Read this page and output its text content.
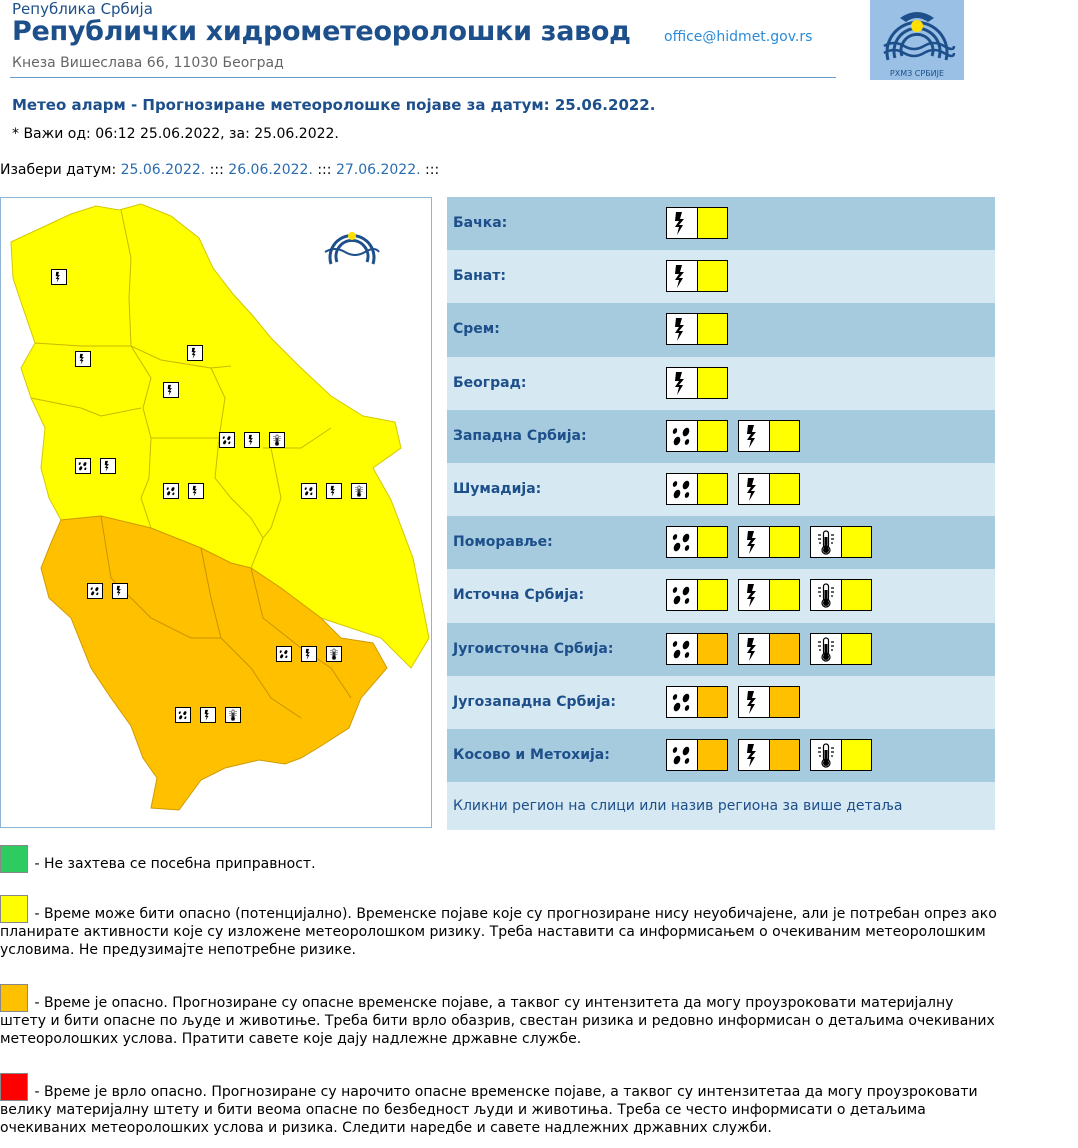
Република Србија
Републички хидрометеоролошки завод
Кнеза Вишеслава 66, 11030 Београд
office@hidmet.gov.rs
РХМЗ СРБИЈЕ
Метео аларм - Прогнозиране метеоролошке појаве за датум: 25.06.2022.
* Важи од: 06:12 25.06.2022, за: 25.06.2022.
Изабери датум: 25.06.2022. ::: 26.06.2022. ::: 27.06.2022. :::
Бачка:
Банат:
Срем:
Београд:
Западна Србија:
Шумадија:
Поморавље:
Источна Србија:
Југоисточна Србија:
Југозападна Србија:
Косово и Метохија:
Кликни регион на слици или назив региона за више детаља
- Не захтева се посебна приправност.
- Време може бити опасно (потенцијално). Временске појаве које су прогнозиране нису неуобичајене, али је потребан опрез ако планирате активности које су изложене метеоролошком ризику. Треба наставити са информисањем о очекиваним метеоролошким условима. Не предузимајте непотребне ризике.
- Време је опасно. Прогнозиране су опасне временске појаве, а таквог су интензитета да могу проузроковати материјалну штету и бити опасне по људе и животиње. Треба бити врло обазрив, свестан ризика и редовно информисан о детаљима очекиваних метеоролошких услова. Пратити савете које дају надлежне државне службе.
- Време је врло опасно. Прогнозиране су нарочито опасне временске појаве, а таквог су интензитетаа да могу проузроковати велику материјалну штету и бити веома опасне по безбедност људи и животиња. Треба се често информисати о детаљима очекиваних метеоролошких услова и ризика. Следити наредбе и савете надлежних државних служби.
